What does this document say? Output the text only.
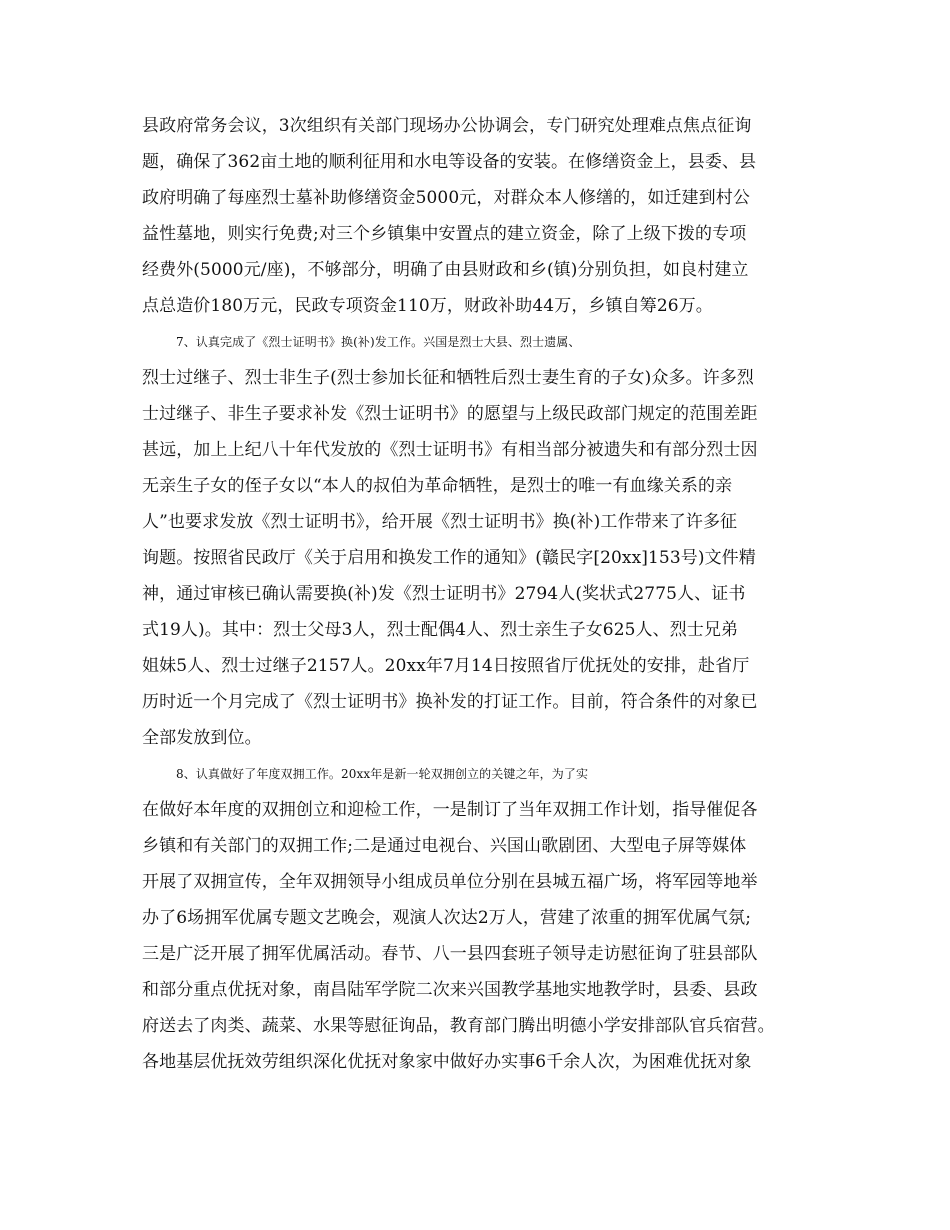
县政府常务会议，3次组织有关部门现场办公协调会，专门研究处理难点焦点征询
题，确保了362亩土地的顺利征用和水电等设备的安装。在修缮资金上，县委、县
政府明确了每座烈士墓补助修缮资金5000元，对群众本人修缮的，如迁建到村公
益性墓地，则实行免费;对三个乡镇集中安置点的建立资金，除了上级下拨的专项
经费外(5000元/座)，不够部分，明确了由县财政和乡(镇)分别负担，如良村建立
点总造价180万元，民政专项资金110万，财政补助44万，乡镇自筹26万。
7、认真完成了《烈士证明书》换(补)发工作。兴国是烈士大县、烈士遗属、
烈士过继子、烈士非生子(烈士参加长征和牺牲后烈士妻生育的子女)众多。许多烈
士过继子、非生子要求补发《烈士证明书》的愿望与上级民政部门规定的范围差距
甚远，加上上纪八十年代发放的《烈士证明书》有相当部分被遗失和有部分烈士因
无亲生子女的侄子女以“本人的叔伯为革命牺牲，是烈士的唯一有血缘关系的亲
人”也要求发放《烈士证明书》，给开展《烈士证明书》换(补)工作带来了许多征
询题。按照省民政厅《关于启用和换发工作的通知》(赣民字[20xx]153号)文件精
神，通过审核已确认需要换(补)发《烈士证明书》2794人(奖状式2775人、证书
式19人)。其中：烈士父母3人，烈士配偶4人、烈士亲生子女625人、烈士兄弟
姐妹5人、烈士过继子2157人。20xx年7月14日按照省厅优抚处的安排，赴省厅
历时近一个月完成了《烈士证明书》换补发的打证工作。目前，符合条件的对象已
全部发放到位。
8、认真做好了年度双拥工作。20xx年是新一轮双拥创立的关键之年，为了实
在做好本年度的双拥创立和迎检工作，一是制订了当年双拥工作计划，指导催促各
乡镇和有关部门的双拥工作;二是通过电视台、兴国山歌剧团、大型电子屏等媒体
开展了双拥宣传，全年双拥领导小组成员单位分别在县城五福广场，将军园等地举
办了6场拥军优属专题文艺晚会，观演人次达2万人，营建了浓重的拥军优属气氛;
三是广泛开展了拥军优属活动。春节、八一县四套班子领导走访慰征询了驻县部队
和部分重点优抚对象，南昌陆军学院二次来兴国教学基地实地教学时，县委、县政
府送去了肉类、蔬菜、水果等慰征询品，教育部门腾出明德小学安排部队官兵宿营。
各地基层优抚效劳组织深化优抚对象家中做好办实事6千余人次，为困难优抚对象
